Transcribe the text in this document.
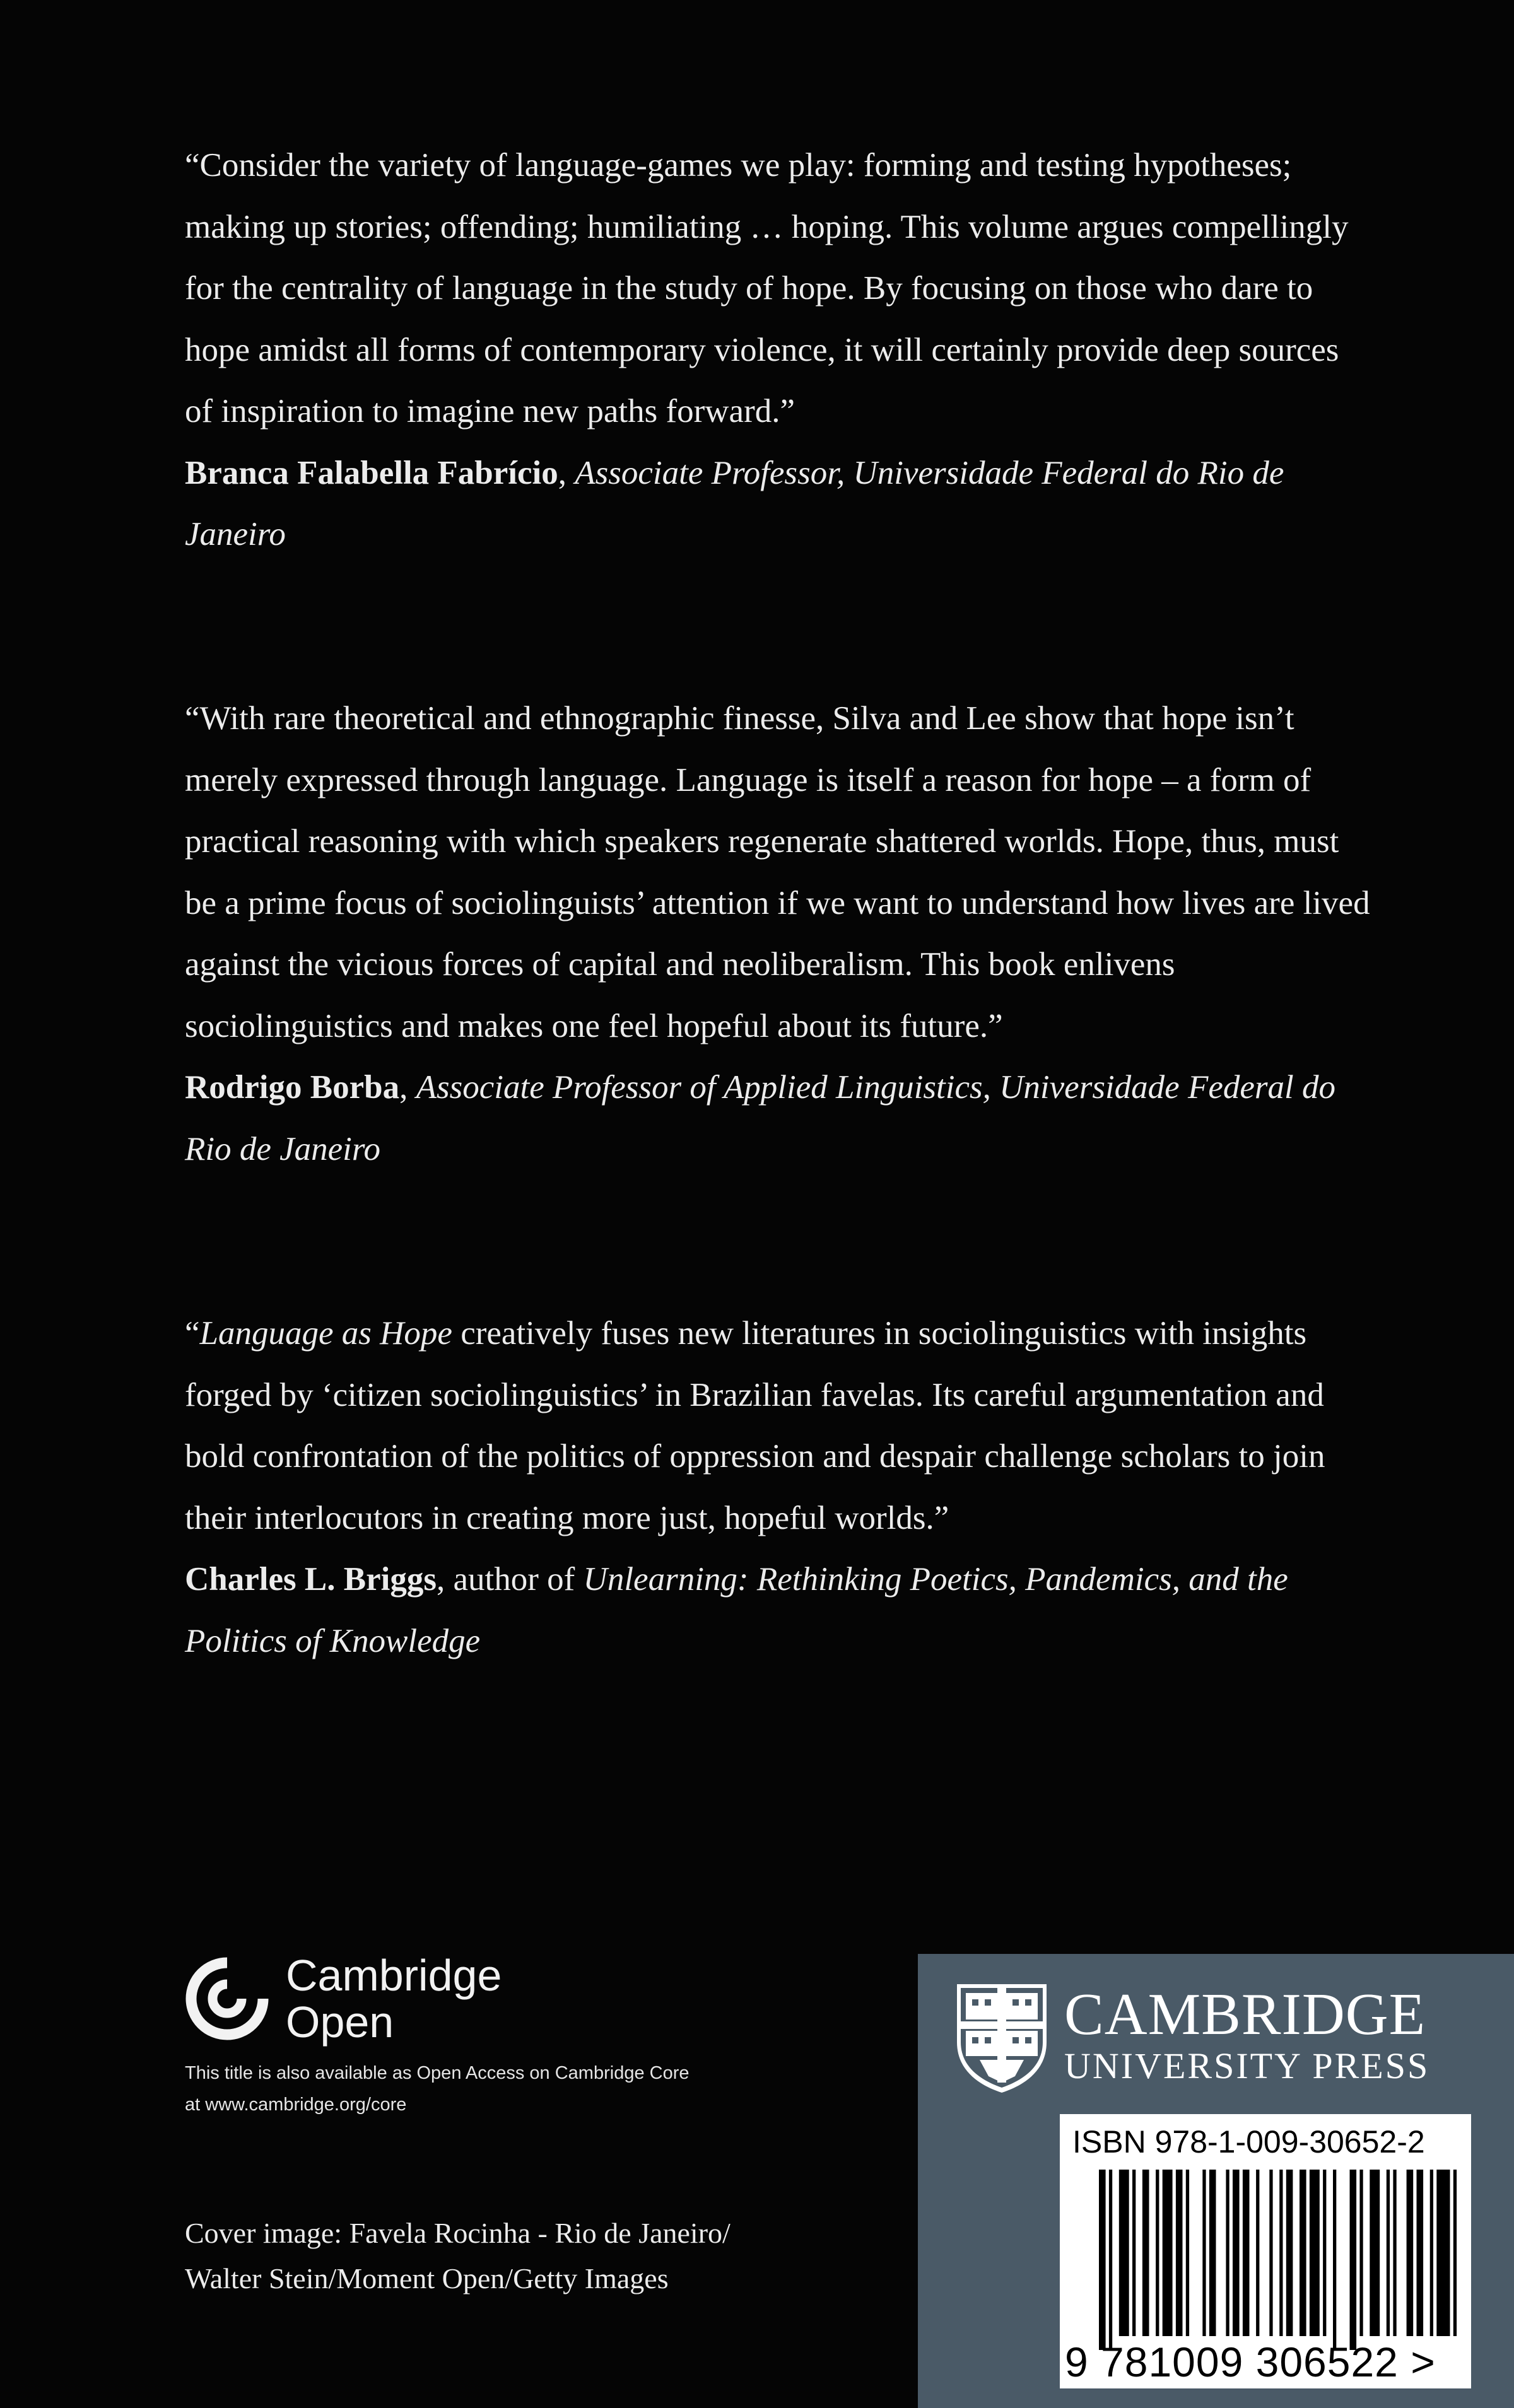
“Consider the variety of language-games we play: forming and testing hypotheses; making up stories; offending; humiliating … hoping. This volume argues compellingly for the centrality of language in the study of hope. By focusing on those who dare to hope amidst all forms of contemporary violence, it will certainly provide deep sources of inspiration to imagine new paths forward.”

Branca Falabella Fabrício, Associate Professor, Universidade Federal do Rio de Janeiro

“With rare theoretical and ethnographic finesse, Silva and Lee show that hope isn’t merely expressed through language. Language is itself a reason for hope – a form of practical reasoning with which speakers regenerate shattered worlds. Hope, thus, must be a prime focus of sociolinguists’ attention if we want to understand how lives are lived against the vicious forces of capital and neoliberalism. This book enlivens sociolinguistics and makes one feel hopeful about its future.”

Rodrigo Borba, Associate Professor of Applied Linguistics, Universidade Federal do Rio de Janeiro

“Language as Hope creatively fuses new literatures in sociolinguistics with insights forged by ‘citizen sociolinguistics’ in Brazilian favelas. Its careful argumentation and bold confrontation of the politics of oppression and despair challenge scholars to join their interlocutors in creating more just, hopeful worlds.”

Charles L. Briggs, author of Unlearning: Rethinking Poetics, Pandemics, and the Politics of Knowledge

Cambridge
Open
This title is also available as Open Access on Cambridge Core at www.cambridge.org/core
Cover image: Favela Rocinha - Rio de Janeiro/
Walter Stein/Moment Open/Getty Images
CAMBRIDGE
UNIVERSITY PRESS
ISBN 978-1-009-30652-2
9 781009 306522 >
